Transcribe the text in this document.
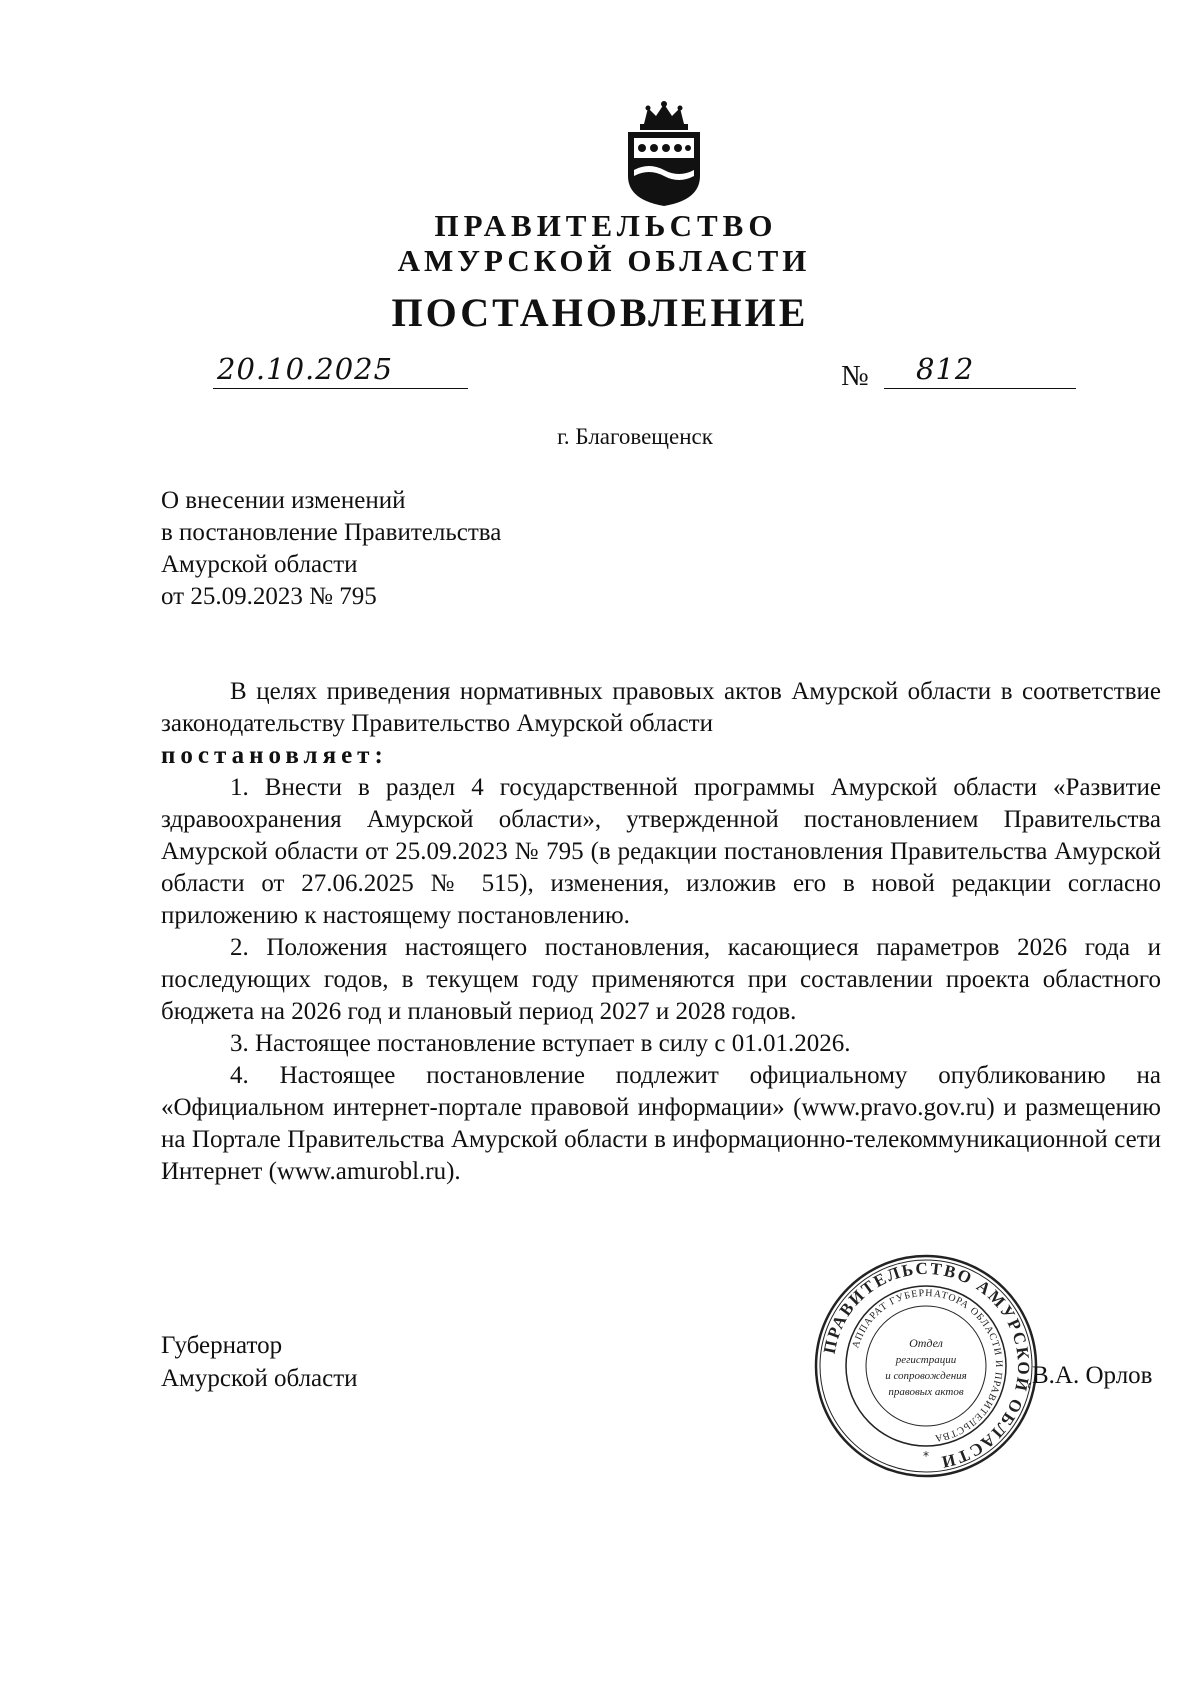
ПРАВИТЕЛЬСТВО
АМУРСКОЙ ОБЛАСТИ
ПОСТАНОВЛЕНИЕ
20.10.2025	№ 812
г. Благовещенск
О внесении изменений
в постановление Правительства
Амурской области
от 25.09.2023 № 795

В целях приведения нормативных правовых актов Амурской области в соответствие законодательству Правительство Амурской области

постановляет:

1. Внести в раздел 4 государственной программы Амурской области «Развитие здравоохранения Амурской области», утвержденной постановлением Правительства Амурской области от 25.09.2023 № 795 (в редакции постановления Правительства Амурской области от 27.06.2025 № 515), изменения, изложив его в новой редакции согласно приложению к настоящему постановлению.

2. Положения настоящего постановления, касающиеся параметров 2026 года и последующих годов, в текущем году применяются при составлении проекта областного бюджета на 2026 год и плановый период 2027 и 2028 годов.

3. Настоящее постановление вступает в силу с 01.01.2026.

4. Настоящее постановление подлежит официальному опубликованию на «Официальном интернет-портале правовой информации» (www.pravo.gov.ru) и размещению на Портале Правительства Амурской области в информационно-телекоммуникационной сети Интернет (www.amurobl.ru).

Губернатор
Амурской области
ПРАВИТЕЛЬСТВО АМУРСКОЙ ОБЛАСТИ
АППАРАТ ГУБЕРНАТОРА ОБЛАСТИ И ПРАВИТЕЛЬСТВА
Отдел
регистрации
и сопровождения
правовых актов
*
В.А. Орлов
